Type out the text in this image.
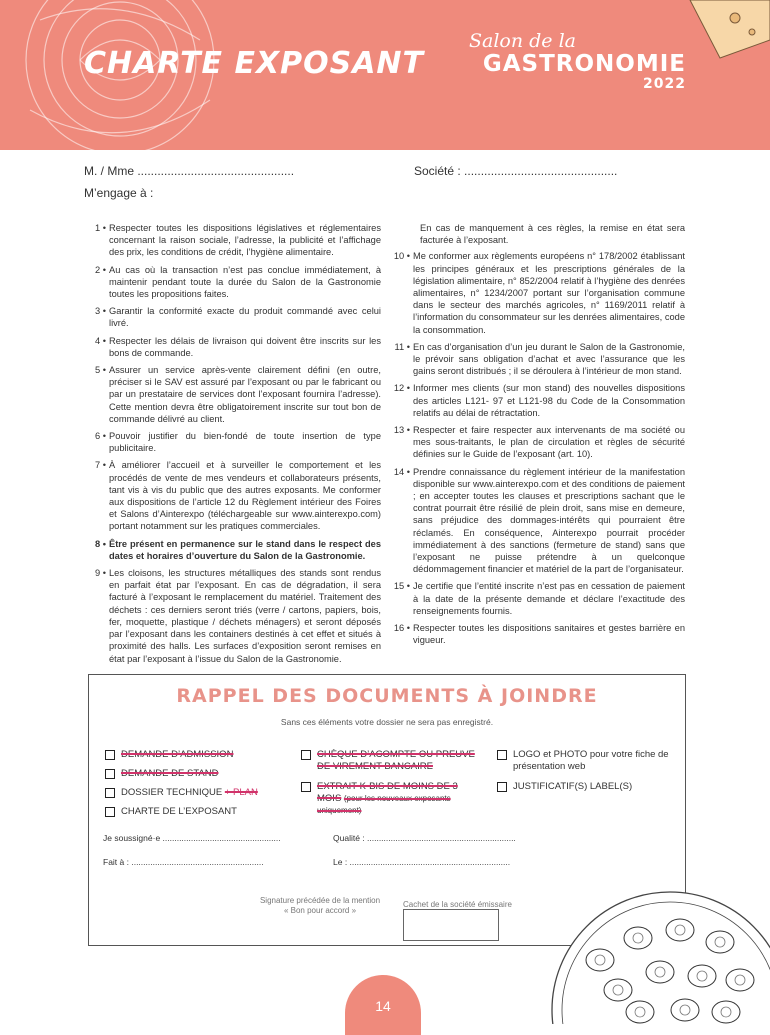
CHARTE EXPOSANT
Salon de la
GASTRONOMIE
2022
M. / Mme ...............................................	Société : ..............................................
M’engage à :
1 • Respecter toutes les dispositions législatives et réglementaires concernant la raison sociale, l’adresse, la publicité et l’affichage des prix, les conditions de crédit, l’hygiène alimentaire.
2 • Au cas où la transaction n’est pas conclue immédiatement, à maintenir pendant toute la durée du Salon de la Gastronomie toutes les propositions faites.
3 • Garantir la conformité exacte du produit commandé avec celui livré.
4 • Respecter les délais de livraison qui doivent être inscrits sur les bons de commande.
5 • Assurer un service après-vente clairement défini (en outre, préciser si le SAV est assuré par l’exposant ou par le fabricant ou par un prestataire de services dont l’exposant fournira l’adresse). Cette mention devra être obligatoirement inscrite sur tout bon de commande délivré au client.
6 • Pouvoir justifier du bien-fondé de toute insertion de type publicitaire.
7 • À améliorer l’accueil et à surveiller le comportement et les procédés de vente de mes vendeurs et collaborateurs présents, tant vis à vis du public que des autres exposants. Me conformer aux dispositions de l’article 12 du Règlement intérieur des Foires et Salons d’Ainterexpo (téléchargeable sur www.ainterexpo.com) portant notamment sur les pratiques commerciales.
8 • Être présent en permanence sur le stand dans le respect des dates et horaires d’ouverture du Salon de la Gastronomie.
9 • Les cloisons, les structures métalliques des stands sont rendus en parfait état par l’exposant. En cas de dégradation, il sera facturé à l’exposant le remplacement du matériel. Traitement des déchets : ces derniers seront triés (verre / cartons, papiers, bois, fer, moquette, plastique / déchets ménagers) et seront déposés par l’exposant dans les containers destinés à cet effet et situés à proximité des halls. Les surfaces d’exposition seront remises en état par l’exposant à l’issue du Salon de la Gastronomie.
En cas de manquement à ces règles, la remise en état sera facturée à l’exposant.
10 • Me conformer aux règlements européens n° 178/2002 établissant les principes généraux et les prescriptions générales de la législation alimentaire, n° 852/2004 relatif à l’hygiène des denrées alimentaires, n° 1234/2007 portant sur l’organisation commune dans le secteur des marchés agricoles, n° 1169/2011 relatif à l’information du consommateur sur les denrées alimentaires, code la consommation.
11 • En cas d’organisation d’un jeu durant le Salon de la Gastronomie, le prévoir sans obligation d’achat et avec l’assurance que les gains seront distribués ; il se déroulera à l’intérieur de mon stand.
12 • Informer mes clients (sur mon stand) des nouvelles dispositions des articles L121- 97 et L121-98 du Code de la Consommation relatifs au délai de rétractation.
13 • Respecter et faire respecter aux intervenants de ma société ou mes sous-traitants, le plan de circulation et règles de sécurité définies sur le Guide de l’exposant (art. 10).
14 • Prendre connaissance du règlement intérieur de la manifestation disponible sur www.ainterexpo.com et des conditions de paiement ; en accepter toutes les clauses et prescriptions sachant que le contrat pourrait être résilié de plein droit, sans mise en demeure, sans préjudice des dommages-intérêts qui pourraient être réclamés. En conséquence, Ainterexpo pourrait procéder immédiatement à des sanctions (fermeture de stand) sans que l’exposant ne puisse prétendre à un quelconque dédommagement financier et matériel de la part de l’organisateur.
15 • Je certifie que l’entité inscrite n’est pas en cessation de paiement à la date de la présente demande et déclare l’exactitude des renseignements fournis.
16 • Respecter toutes les dispositions sanitaires et gestes barrière en vigueur.
RAPPEL DES DOCUMENTS À JOINDRE
Sans ces éléments votre dossier ne sera pas enregistré.
DEMANDE D’ADMISSION
DEMANDE DE STAND
DOSSIER TECHNIQUE
+ PLAN
CHARTE DE L’EXPOSANT
CHÈQUE D’ACOMPTE OU PREUVE DE VIREMENT BANCAIRE
EXTRAIT K-BIS DE MOINS DE 3 MOIS (pour les nouveaux exposants uniquement)
LOGO et PHOTO pour votre fiche de présentation web
JUSTIFICATIF(S) LABEL(S)
Je soussigné·e ..................................................	Qualité : ...............................................................
Fait à : ........................................................	Le : ....................................................................
Signature précédée de la mention « Bon pour accord »
Cachet de la société émissaire
14
